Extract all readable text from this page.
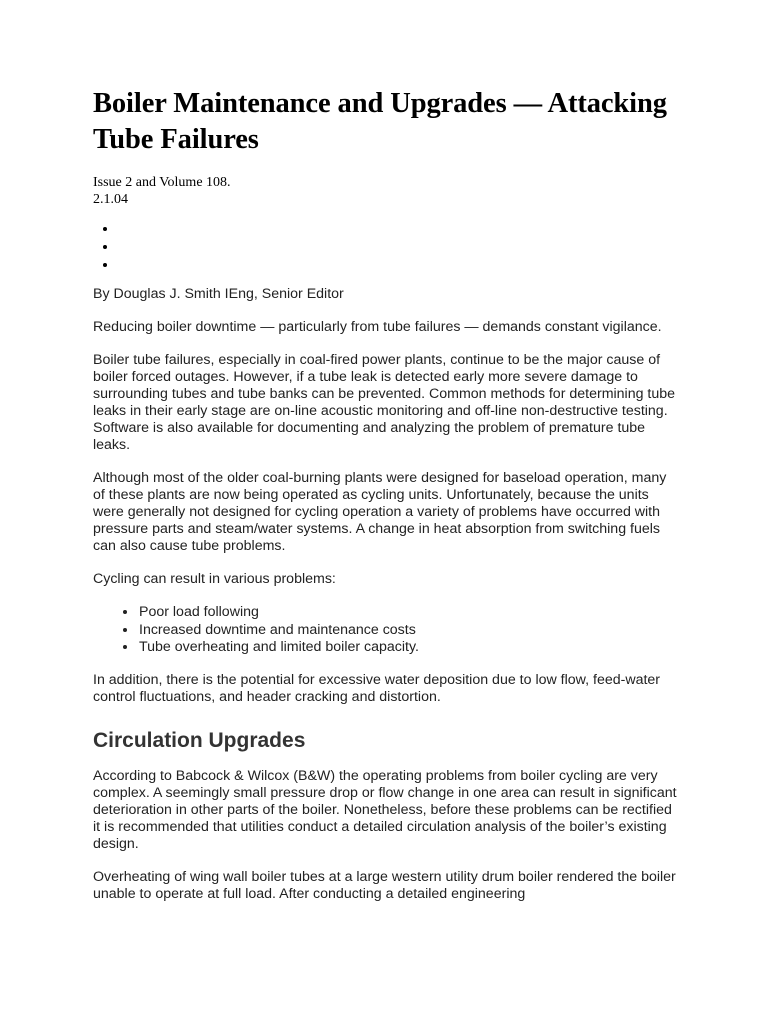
Boiler Maintenance and Upgrades — Attacking Tube Failures
Issue 2 and Volume 108.
2.1.04
•
•
•

By Douglas J. Smith IEng, Senior Editor

Reducing boiler downtime — particularly from tube failures — demands constant vigilance.

Boiler tube failures, especially in coal-fired power plants, continue to be the major cause of boiler forced outages. However, if a tube leak is detected early more severe damage to surrounding tubes and tube banks can be prevented. Common methods for determining tube leaks in their early stage are on-line acoustic monitoring and off-line non-destructive testing. Software is also available for documenting and analyzing the problem of premature tube leaks.

Although most of the older coal-burning plants were designed for baseload operation, many of these plants are now being operated as cycling units. Unfortunately, because the units were generally not designed for cycling operation a variety of problems have occurred with pressure parts and steam/water systems. A change in heat absorption from switching fuels can also cause tube problems.

Cycling can result in various problems:

• Poor load following
• Increased downtime and maintenance costs
• Tube overheating and limited boiler capacity.

In addition, there is the potential for excessive water deposition due to low flow, feed-water control fluctuations, and header cracking and distortion.

Circulation Upgrades

According to Babcock & Wilcox (B&W) the operating problems from boiler cycling are very complex. A seemingly small pressure drop or flow change in one area can result in significant deterioration in other parts of the boiler. Nonetheless, before these problems can be rectified it is recommended that utilities conduct a detailed circulation analysis of the boiler’s existing design.

Overheating of wing wall boiler tubes at a large western utility drum boiler rendered the boiler unable to operate at full load. After conducting a detailed engineering
